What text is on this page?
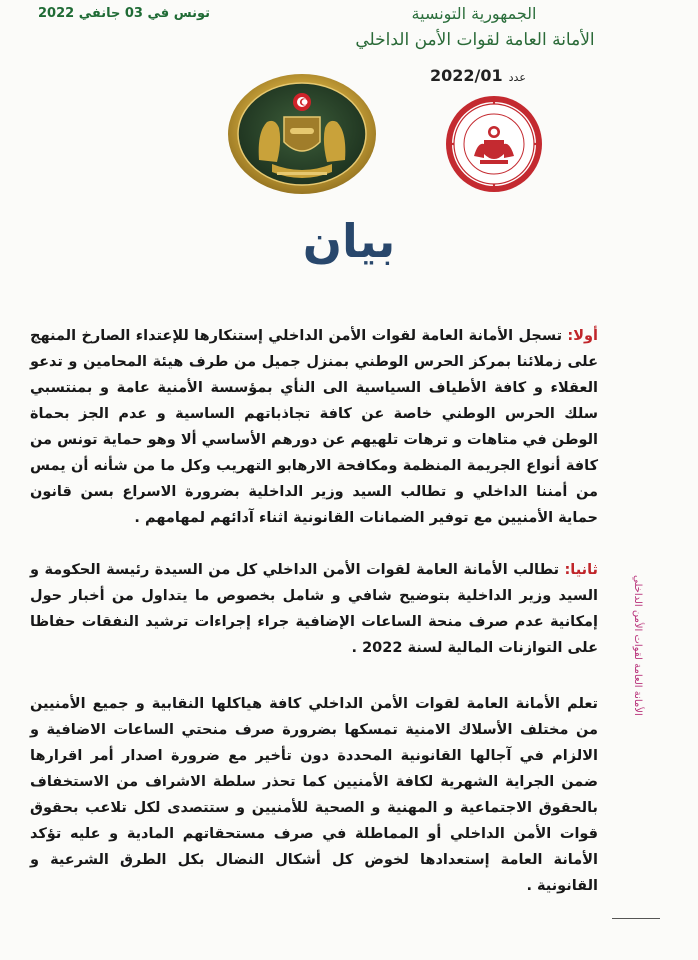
تونس في 03 جانفي 2022	الجمهورية التونسية
الأمانة العامة لقوات الأمن الداخلي
عدد2022/01
بيان

أولا: تسجل الأمانة العامة لقوات الأمن الداخلي إستنكارها للإعتداء الصارخ المنهج على زملائنا بمركز الحرس الوطني بمنزل جميل من طرف هيئة المحامين و تدعو العقلاء و كافة الأطياف السياسية الى النأي بمؤسسة الأمنية عامة و بمنتسبي سلك الحرس الوطني خاصة عن كافة تجاذباتهم الساسية و عدم الجز بحماة الوطن في متاهات و ترهات تلهيهم عن دورهم الأساسي ألا وهو حماية تونس من كافة أنواع الجريمة المنظمة ومكافحة الارهابو التهريب وكل ما من شأنه أن يمس من أمننا الداخلي و تطالب السيد وزير الداخلية بضرورة الاسراع بسن قانون حماية الأمنيين مع توفير الضمانات القانونية اثناء آدائهم لمهامهم .

ثانيا: تطالب الأمانة العامة لقوات الأمن الداخلي كل من السيدة رئيسة الحكومة و السيد وزير الداخلية بتوضيح شافي و شامل بخصوص ما يتداول من أخبار حول إمكانية عدم صرف منحة الساعات الإضافية جراء إجراءات ترشيد النفقات حفاظا على التوازنات المالية لسنة 2022 .

تعلم الأمانة العامة لقوات الأمن الداخلي كافة هياكلها النقابية و جميع الأمنيين من مختلف الأسلاك الامنية تمسكها بضرورة صرف منحتي الساعات الاضافية و الالزام في آجالها القانونية المحددة دون تأخير مع ضرورة اصدار أمر اقرارها ضمن الجراية الشهرية لكافة الأمنيين كما تحذر سلطة الاشراف من الاستخفاف بالحقوق الاجتماعية و المهنية و الصحية للأمنيين و ستتصدى لكل تلاعب بحقوق قوات الأمن الداخلي أو المماطلة في صرف مستحقاتهم المادية و عليه تؤكد الأمانة العامة إستعدادها لخوض كل أشكال النضال بكل الطرق الشرعية و القانونية .

الأمانة العامة لقوات الأمن الداخلي
